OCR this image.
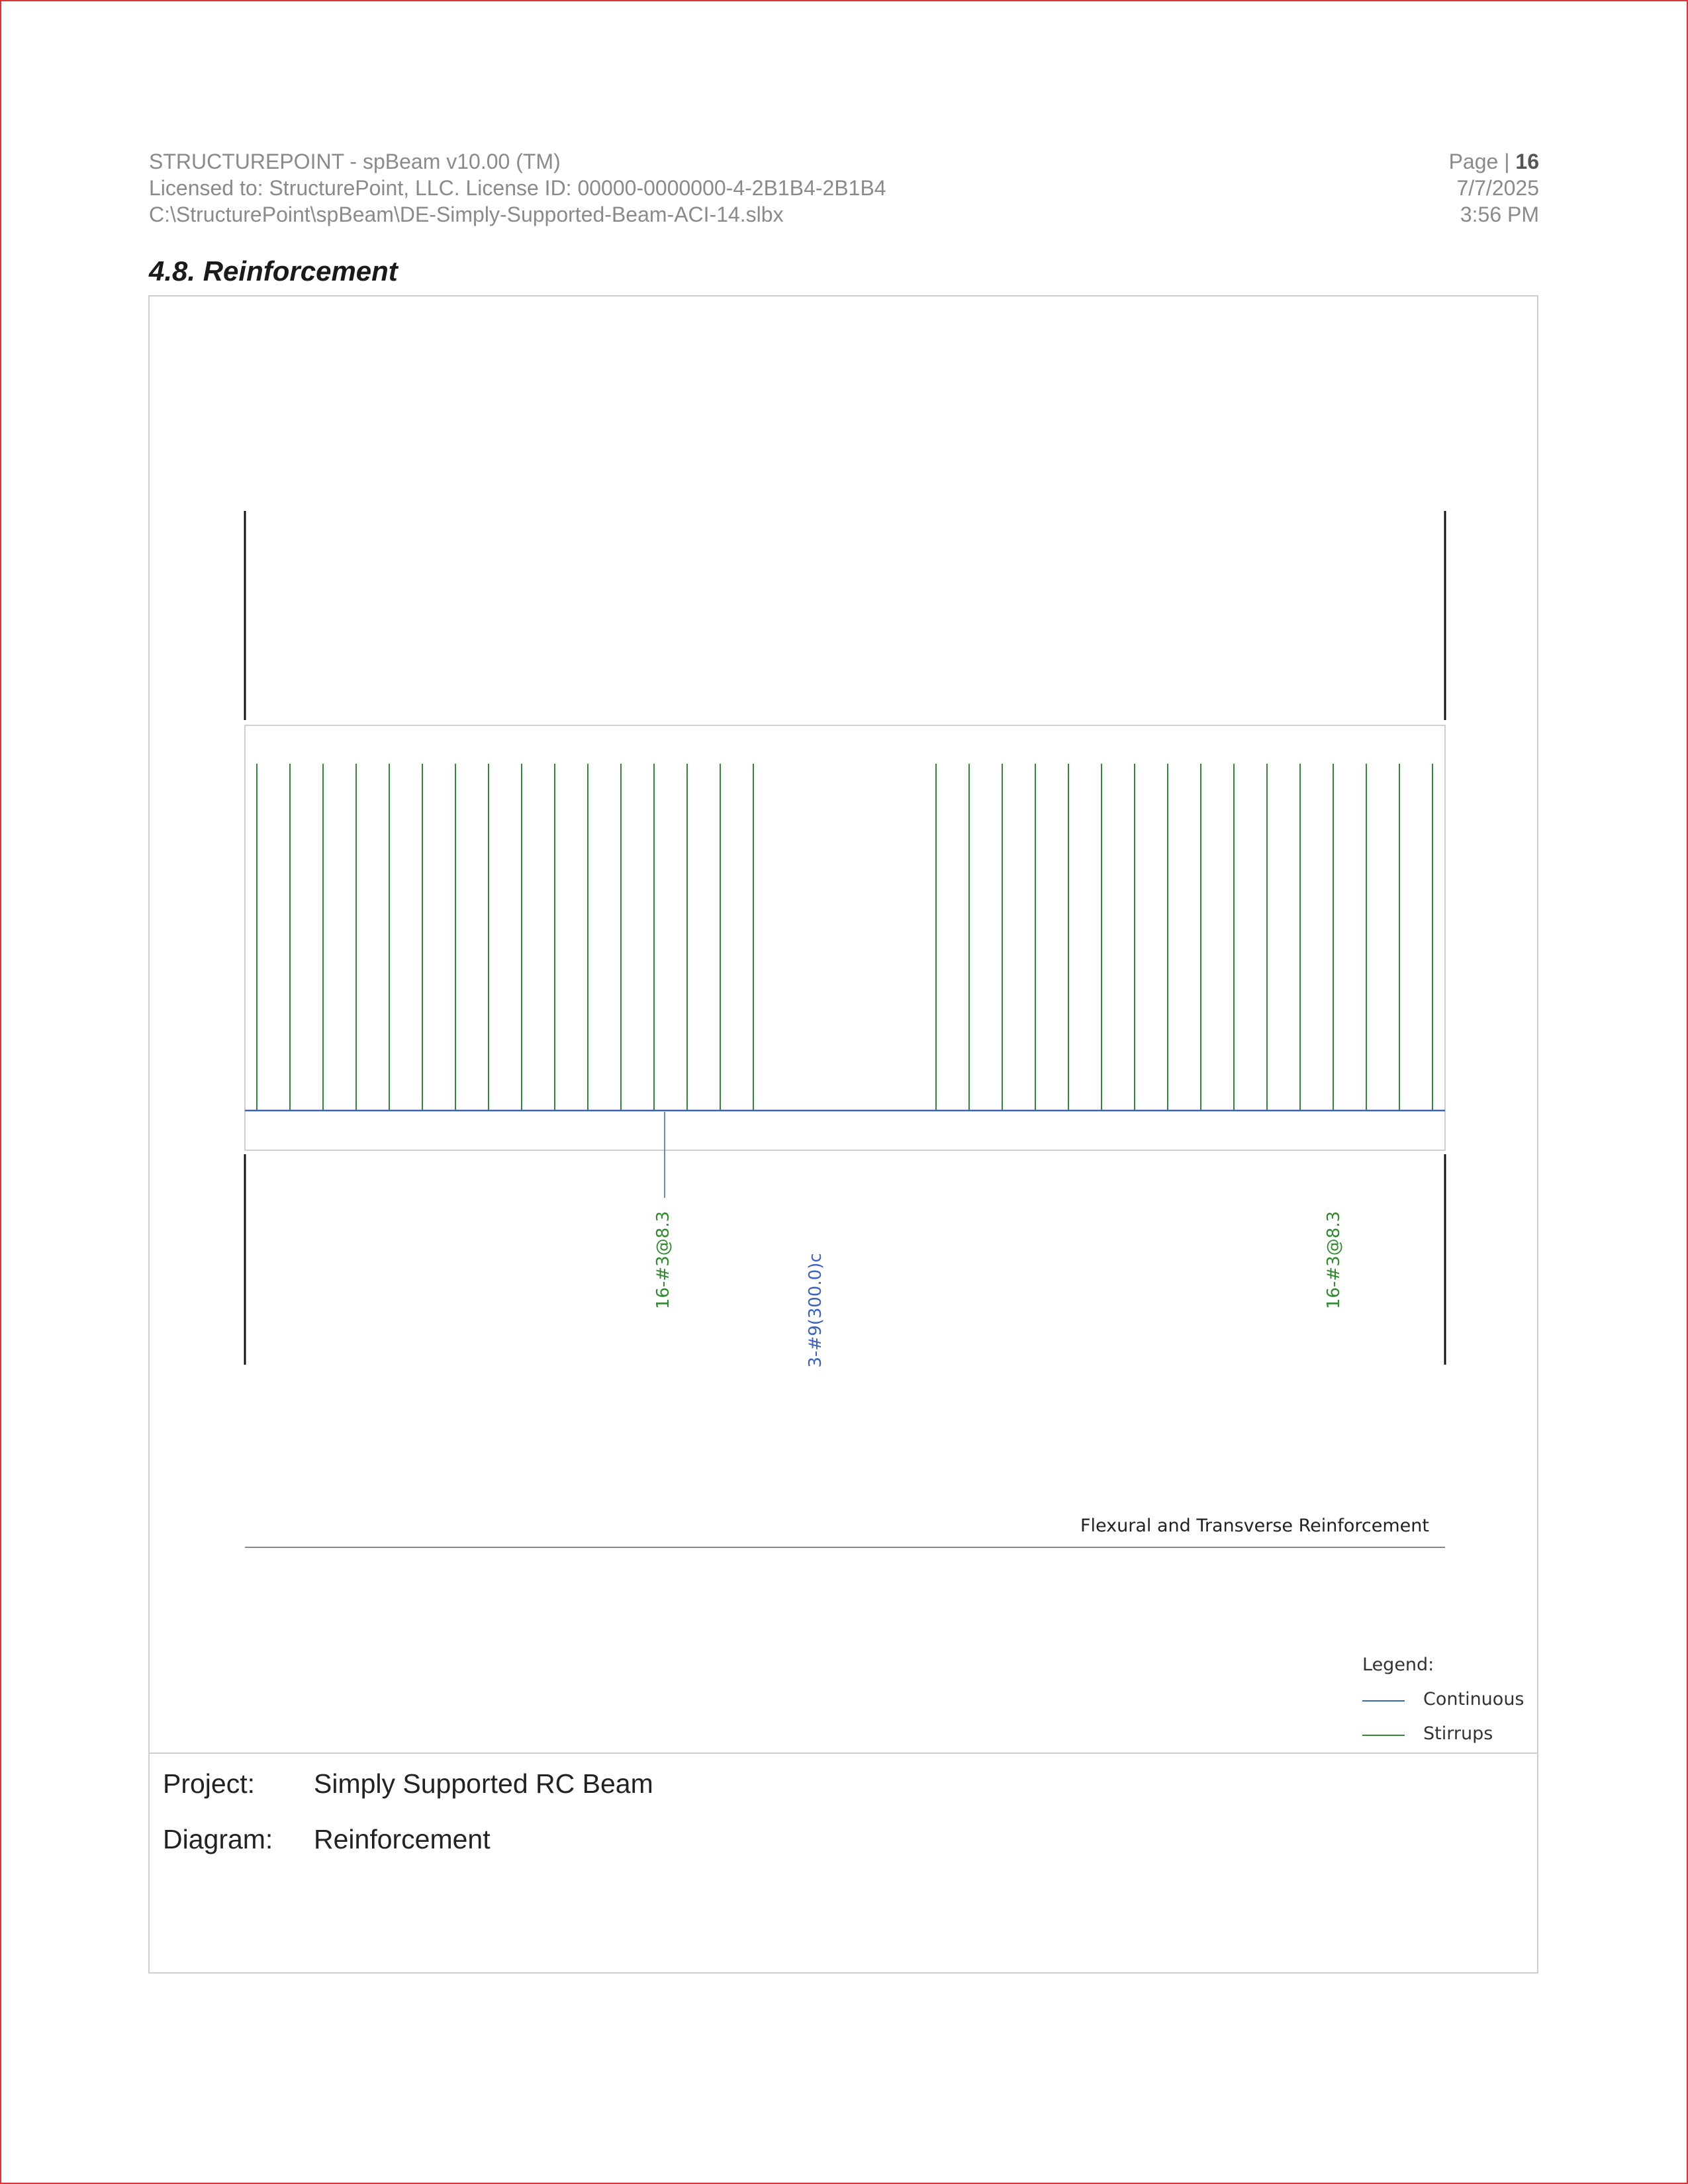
STRUCTUREPOINT - spBeam v10.00 (TM)
Licensed to: StructurePoint, LLC. License ID: 00000-0000000-4-2B1B4-2B1B4
C:\StructurePoint\spBeam\DE-Simply-Supported-Beam-ACI-14.slbx
Page | 16
7/7/2025
3:56 PM
4.8. Reinforcement
16-#3@8.3	16-#3@8.3
3-#9(300.0)c
Flexural and Transverse Reinforcement
Legend:
Continuous
Stirrups
Project: Simply Supported RC Beam
Diagram: Reinforcement
